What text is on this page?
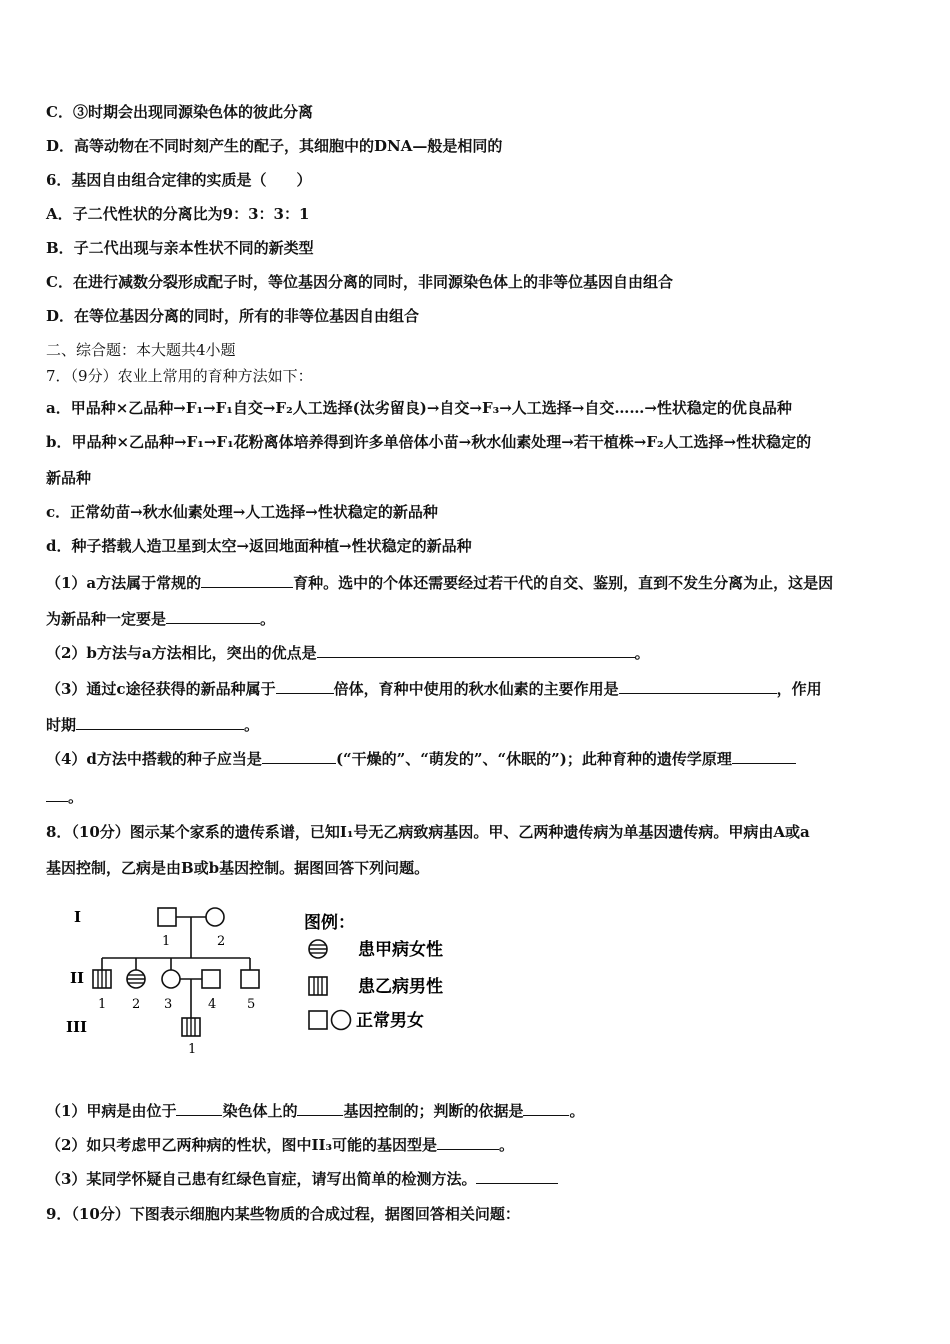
C．③时期会出现同源染色体的彼此分离
D．高等动物在不同时刻产生的配子，其细胞中的DNA—般是相同的
6．基因自由组合定律的实质是（　　）
A．子二代性状的分离比为9：3：3：1
B．子二代出现与亲本性状不同的新类型
C．在进行减数分裂形成配子时，等位基因分离的同时，非同源染色体上的非等位基因自由组合
D．在等位基因分离的同时，所有的非等位基因自由组合
二、综合题：本大题共4小题
7．（9分）农业上常用的育种方法如下：
a．甲品种×乙品种→F₁→F₁自交→F₂人工选择(汰劣留良)→自交→F₃→人工选择→自交……→性状稳定的优良品种
b．甲品种×乙品种→F₁→F₁花粉离体培养得到许多单倍体小苗→秋水仙素处理→若干植株→F₂人工选择→性状稳定的
新品种
c．正常幼苗→秋水仙素处理→人工选择→性状稳定的新品种
d．种子搭载人造卫星到太空→返回地面种植→性状稳定的新品种
（1）a方法属于常规的	育种。选中的个体还需要经过若干代的自交、鉴别，直到不发生分离为止，这是因
为新品种一定要是	。
（2）b方法与a方法相比，突出的优点是	。
（3）通过c途径获得的新品种属于	倍体，育种中使用的秋水仙素的主要作用是	，作用
时期	。
（4）d方法中搭载的种子应当是	(“干燥的”、“萌发的”、“休眠的”)；此种育种的遗传学原理
。
8．（10分）图示某个家系的遗传系谱，已知Ⅰ₁号无乙病致病基因。甲、乙两种遗传病为单基因遗传病。甲病由A或a
基因控制，乙病是由B或b基因控制。据图回答下列问题。
I
II
III
1	2
1 2 3	4 5
1
图例：
患甲病女性
患乙病男性
正常男女
（1）甲病是由位于	染色体上的	基因控制的；判断的依据是	。
（2）如只考虑甲乙两种病的性状，图中II₃可能的基因型是	。
（3）某同学怀疑自己患有红绿色盲症，请写出简单的检测方法。
9．（10分）下图表示细胞内某些物质的合成过程，据图回答相关问题：
